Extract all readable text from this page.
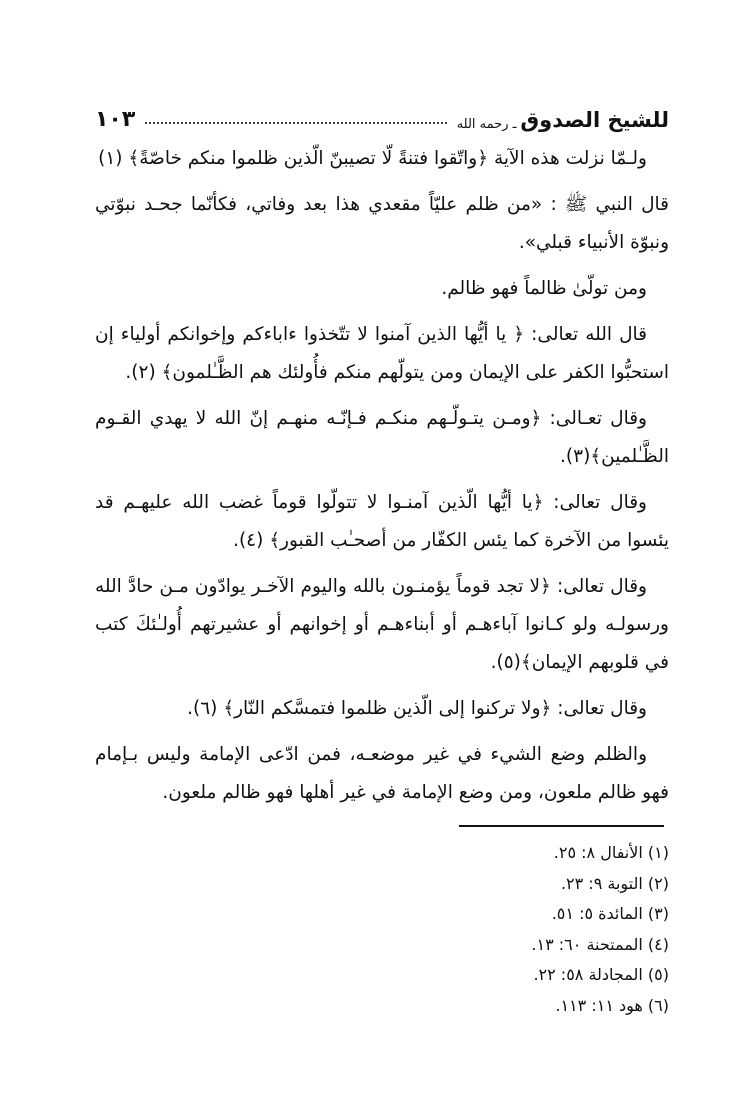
للشيخ الصدوق
ـ رحمه الله
١٠٣

ولـمّا نزلت هذه الآية ﴿واتّقوا فتنةً لّا تصيبنّ الّذين ظلموا منكم خاصّةً﴾ (١)

قال النبي ﷺ : «من ظلم عليّاً مقعدي هذا بعد وفاتي، فكأنّما جحـد نبوّتي ونبوّة الأنبياء قبلي».

ومن تولّىٰ ظالماً فهو ظالم.

قال الله تعالى: ﴿ يا أيُّها الذين آمنوا لا تتّخذوا ءاباءكم وإخوانكم أولياء إن استحبُّوا الكفر على الإيمان ومن يتولّهم منكم فأُولئك هم الظَّـٰلمون﴾ (٢).

وقال تعـالى: ﴿ومـن يتـولّـهم منكـم فـإنّـه منهـم إنّ الله لا يهدي القـوم الظَّـٰلمين﴾(٣).

وقال تعالى: ﴿يا أيُّها الّذين آمنـوا لا تتولّوا قوماً غضب الله عليهـم قد يئسوا من الآخرة كما يئس الكفّار من أصحـٰب القبور﴾ (٤).

وقال تعالى: ﴿لا تجد قوماً يؤمنـون بالله واليوم الآخـر يوادّون مـن حادَّ الله ورسولـه ولو كـانوا آباءهـم أو أبناءهـم أو إخوانهم أو عشيرتهم أُولـٰئكَ كتب في قلوبهم الإيمان﴾(٥).

وقال تعالى: ﴿ولا تركنوا إلى الّذين ظلموا فتمسَّكم النّار﴾ (٦).

والظلم وضع الشيء في غير موضعـه، فمن ادّعى الإمامة وليس بـإمام فهو ظالم ملعون، ومن وضع الإمامة في غير أهلها فهو ظالم ملعون.

(١) الأنفال ٨: ٢٥.
(٢) التوبة ٩: ٢٣.
(٣) المائدة ٥: ٥١.
(٤) الممتحنة ٦٠: ١٣.
(٥) المجادلة ٥٨: ٢٢.
(٦) هود ١١: ١١٣.
